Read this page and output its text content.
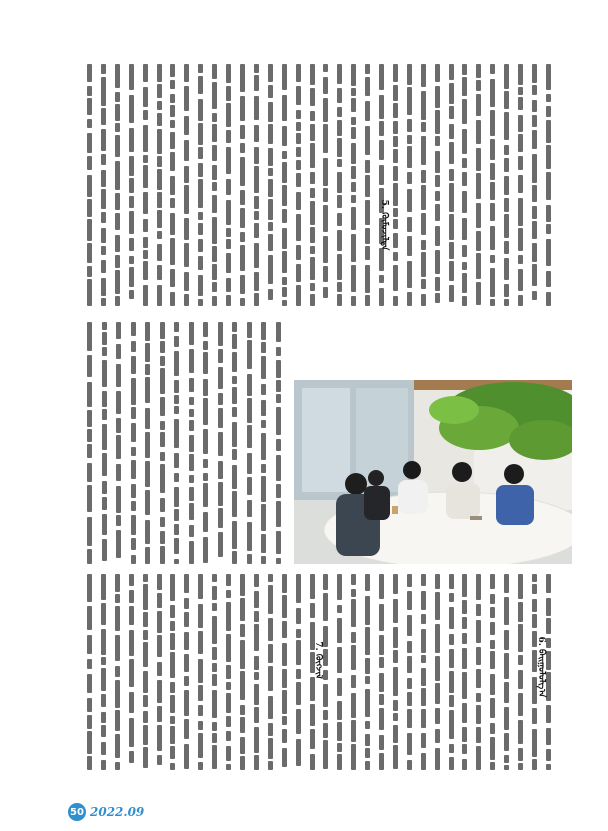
5. ᠬᠦᠮᠦᠵᠢᠯᠲᠡ
7. ᠬᠥᠭᠵᠢᠯ	6. ᠪᠠᠢᠭᠤᠯᠤᠯᠭ᠎ᠠ
50 2022.09
